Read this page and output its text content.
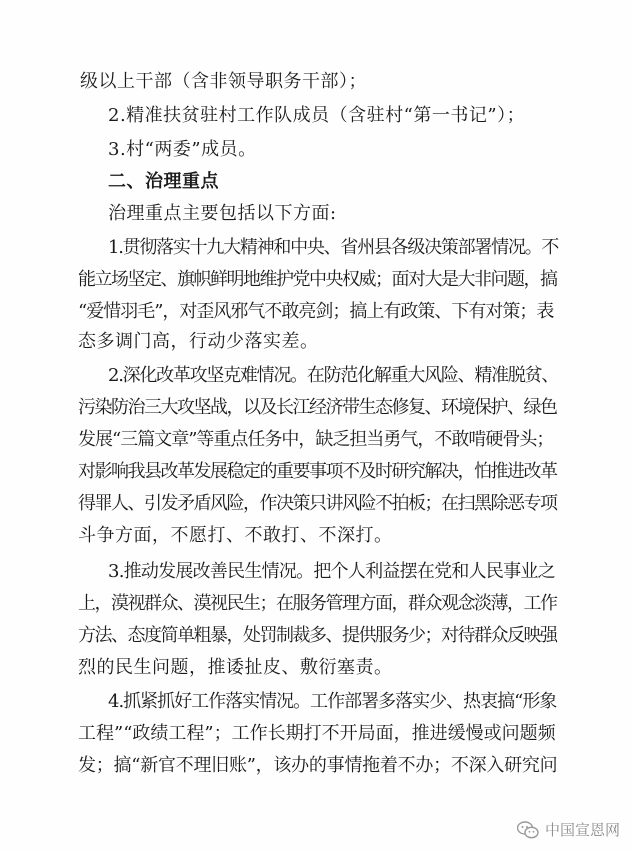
级以上干部（含非领导职务干部）；
2.精准扶贫驻村工作队成员（含驻村“第一书记”）；
3.村“两委”成员。
二、治理重点
治理重点主要包括以下方面:
1.贯彻落实十九大精神和中央、省州县各级决策部署情况。不
能立场坚定、旗帜鲜明地维护党中央权威；面对大是大非问题，搞
“爱惜羽毛”，对歪风邪气不敢亮剑；搞上有政策、下有对策；表
态多调门高，行动少落实差。
2.深化改革攻坚克难情况。在防范化解重大风险、精准脱贫、
污染防治三大攻坚战，以及长江经济带生态修复、环境保护、绿色
发展“三篇文章”等重点任务中，缺乏担当勇气，不敢啃硬骨头；
对影响我县改革发展稳定的重要事项不及时研究解决，怕推进改革
得罪人、引发矛盾风险，作决策只讲风险不拍板；在扫黑除恶专项
斗争方面，不愿打、不敢打、不深打。
3.推动发展改善民生情况。把个人利益摆在党和人民事业之
上，漠视群众、漠视民生；在服务管理方面，群众观念淡薄，工作
方法、态度简单粗暴，处罚制裁多、提供服务少；对待群众反映强
烈的民生问题，推诿扯皮、敷衍塞责。
4.抓紧抓好工作落实情况。工作部署多落实少、热衷搞“形象
工程”“政绩工程”；工作长期打不开局面，推进缓慢或问题频
发；搞“新官不理旧账”，该办的事情拖着不办；不深入研究问
中国宣恩网
